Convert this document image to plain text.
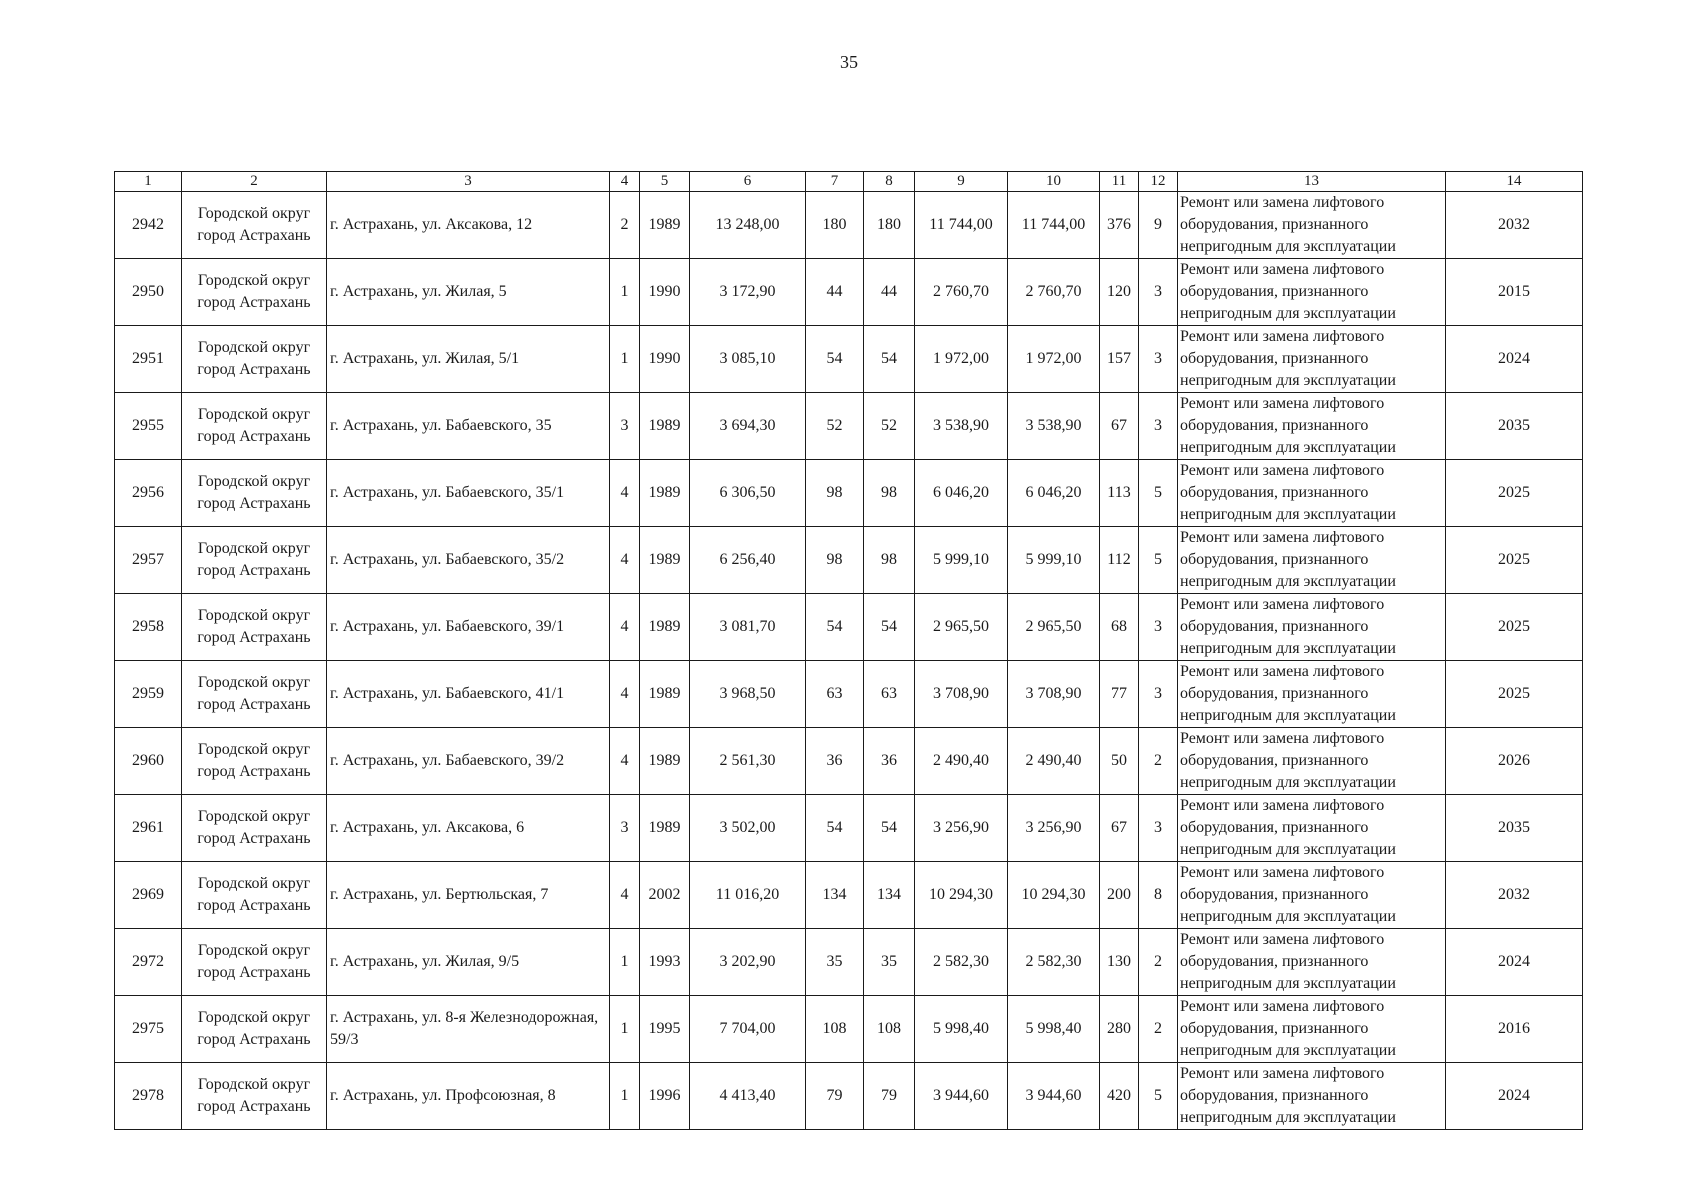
35
1	2	3	4	5	6	7	8	9	10	11	12	13	14
2942	Городской округ
город Астрахань	г. Астрахань, ул. Аксакова, 12	2	1989	13 248,00	180	180	11 744,00	11 744,00	376	9	Ремонт или замена лифтового
оборудования, признанного
непригодным для эксплуатации	2032
2950	Городской округ
город Астрахань	г. Астрахань, ул. Жилая, 5	1	1990	3 172,90	44	44	2 760,70	2 760,70	120	3	Ремонт или замена лифтового
оборудования, признанного
непригодным для эксплуатации	2015
2951	Городской округ
город Астрахань	г. Астрахань, ул. Жилая, 5/1	1	1990	3 085,10	54	54	1 972,00	1 972,00	157	3	Ремонт или замена лифтового
оборудования, признанного
непригодным для эксплуатации	2024
2955	Городской округ
город Астрахань	г. Астрахань, ул. Бабаевского, 35	3	1989	3 694,30	52	52	3 538,90	3 538,90	67	3	Ремонт или замена лифтового
оборудования, признанного
непригодным для эксплуатации	2035
2956	Городской округ
город Астрахань	г. Астрахань, ул. Бабаевского, 35/1	4	1989	6 306,50	98	98	6 046,20	6 046,20	113	5	Ремонт или замена лифтового
оборудования, признанного
непригодным для эксплуатации	2025
2957	Городской округ
город Астрахань	г. Астрахань, ул. Бабаевского, 35/2	4	1989	6 256,40	98	98	5 999,10	5 999,10	112	5	Ремонт или замена лифтового
оборудования, признанного
непригодным для эксплуатации	2025
2958	Городской округ
город Астрахань	г. Астрахань, ул. Бабаевского, 39/1	4	1989	3 081,70	54	54	2 965,50	2 965,50	68	3	Ремонт или замена лифтового
оборудования, признанного
непригодным для эксплуатации	2025
2959	Городской округ
город Астрахань	г. Астрахань, ул. Бабаевского, 41/1	4	1989	3 968,50	63	63	3 708,90	3 708,90	77	3	Ремонт или замена лифтового
оборудования, признанного
непригодным для эксплуатации	2025
2960	Городской округ
город Астрахань	г. Астрахань, ул. Бабаевского, 39/2	4	1989	2 561,30	36	36	2 490,40	2 490,40	50	2	Ремонт или замена лифтового
оборудования, признанного
непригодным для эксплуатации	2026
2961	Городской округ
город Астрахань	г. Астрахань, ул. Аксакова, 6	3	1989	3 502,00	54	54	3 256,90	3 256,90	67	3	Ремонт или замена лифтового
оборудования, признанного
непригодным для эксплуатации	2035
2969	Городской округ
город Астрахань	г. Астрахань, ул. Бертюльская, 7	4	2002	11 016,20	134	134	10 294,30	10 294,30	200	8	Ремонт или замена лифтового
оборудования, признанного
непригодным для эксплуатации	2032
2972	Городской округ
город Астрахань	г. Астрахань, ул. Жилая, 9/5	1	1993	3 202,90	35	35	2 582,30	2 582,30	130	2	Ремонт или замена лифтового
оборудования, признанного
непригодным для эксплуатации	2024
2975	Городской округ
город Астрахань	г. Астрахань, ул. 8-я Железнодорожная, 59/3	1	1995	7 704,00	108	108	5 998,40	5 998,40	280	2	Ремонт или замена лифтового
оборудования, признанного
непригодным для эксплуатации	2016
2978	Городской округ
город Астрахань	г. Астрахань, ул. Профсоюзная, 8	1	1996	4 413,40	79	79	3 944,60	3 944,60	420	5	Ремонт или замена лифтового
оборудования, признанного
непригодным для эксплуатации	2024
